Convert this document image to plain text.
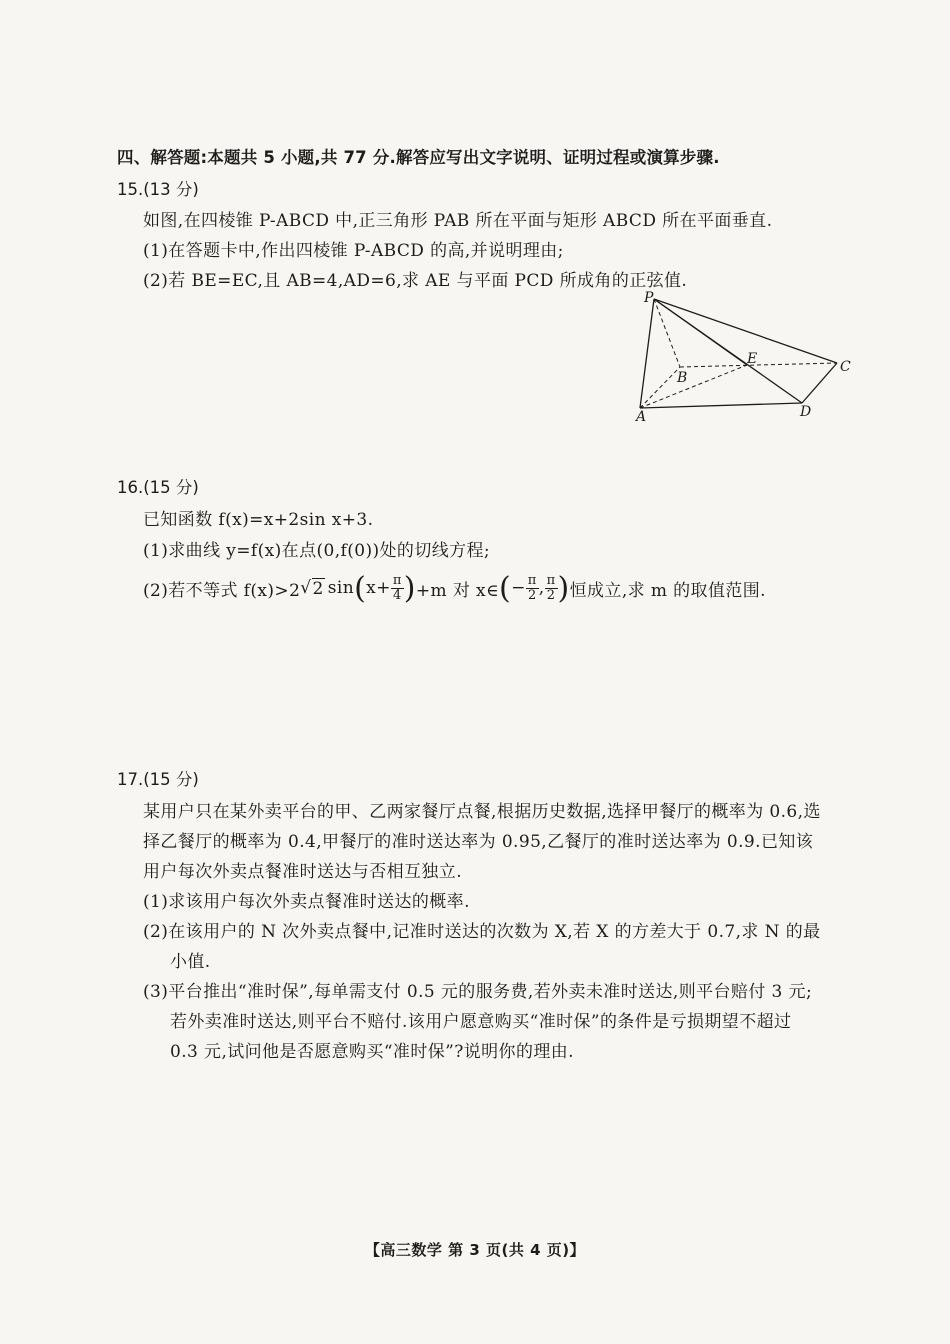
四、解答题:本题共 5 小题,共 77 分.解答应写出文字说明、证明过程或演算步骤.
15.(13 分)
如图,在四棱锥 P-ABCD 中,正三角形 PAB 所在平面与矩形 ABCD 所在平面垂直.
(1)在答题卡中,作出四棱锥 P-ABCD 的高,并说明理由;
(2)若 BE=EC,且 AB=4,AD=6,求 AE 与平面 PCD 所成角的正弦值.
P
B
E	C
A	D
16.(15 分)
已知函数 f(x)=x+2sin x+3.
(1)求曲线 y=f(x)在点(0,f(0))处的切线方程;
(2)若不等式 f(x)>2 √ 2 sin ( $x+ \frac{\pi}{4}$ ) +m 对 x∈ ( − $\frac{\pi}{2}$ , $\frac{\pi}{2}$ ) 恒成立,求 m 的取值范围.
17.(15 分)
某用户只在某外卖平台的甲、乙两家餐厅点餐,根据历史数据,选择甲餐厅的概率为 0.6,选
择乙餐厅的概率为 0.4,甲餐厅的准时送达率为 0.95,乙餐厅的准时送达率为 0.9.已知该
用户每次外卖点餐准时送达与否相互独立.
(1)求该用户每次外卖点餐准时送达的概率.
(2)在该用户的 N 次外卖点餐中,记准时送达的次数为 X,若 X 的方差大于 0.7,求 N 的最
小值.
(3)平台推出“准时保”,每单需支付 0.5 元的服务费,若外卖未准时送达,则平台赔付 3 元;
若外卖准时送达,则平台不赔付.该用户愿意购买“准时保”的条件是亏损期望不超过
0.3 元,试问他是否愿意购买“准时保”?说明你的理由.
【高三数学 第 3 页(共 4 页)】
